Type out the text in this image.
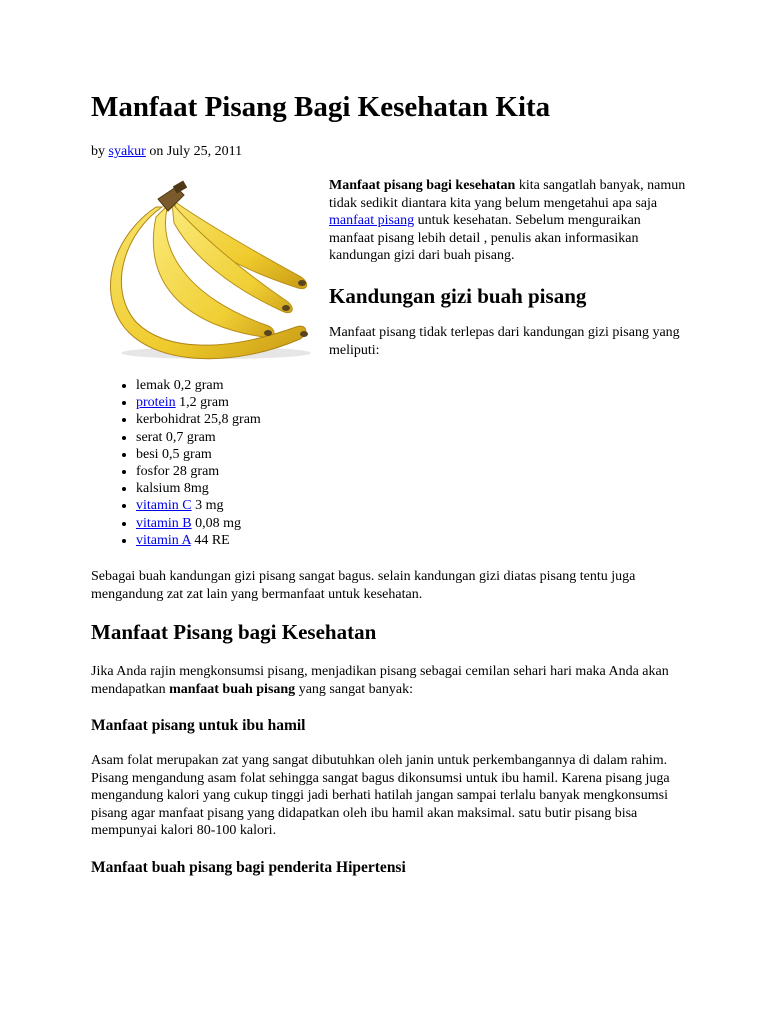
Manfaat Pisang Bagi Kesehatan Kita

by syakur on July 25, 2011

Manfaat pisang bagi kesehatan kita sangatlah banyak, namun tidak sedikit diantara kita yang belum mengetahui apa saja manfaat pisang untuk kesehatan. Sebelum menguraikan manfaat pisang lebih detail , penulis akan informasikan kandungan gizi dari buah pisang.

Kandungan gizi buah pisang

Manfaat pisang tidak terlepas dari kandungan gizi pisang yang meliputi:

• lemak 0,2 gram
• protein 1,2 gram
• kerbohidrat 25,8 gram
• serat 0,7 gram
• besi 0,5 gram
• fosfor 28 gram
• kalsium 8mg
• vitamin C 3 mg
• vitamin B 0,08 mg
• vitamin A 44 RE

Sebagai buah kandungan gizi pisang sangat bagus. selain kandungan gizi diatas pisang tentu juga mengandung zat zat lain yang bermanfaat untuk kesehatan.

Manfaat Pisang bagi Kesehatan

Jika Anda rajin mengkonsumsi pisang, menjadikan pisang sebagai cemilan sehari hari maka Anda akan mendapatkan manfaat buah pisang yang sangat banyak:

Manfaat pisang untuk ibu hamil

Asam folat merupakan zat yang sangat dibutuhkan oleh janin untuk perkembangannya di dalam rahim. Pisang mengandung asam folat sehingga sangat bagus dikonsumsi untuk ibu hamil. Karena pisang juga mengandung kalori yang cukup tinggi jadi berhati hatilah jangan sampai terlalu banyak mengkonsumsi pisang agar manfaat pisang yang didapatkan oleh ibu hamil akan maksimal. satu butir pisang bisa mempunyai kalori 80-100 kalori.

Manfaat buah pisang bagi penderita Hipertensi
